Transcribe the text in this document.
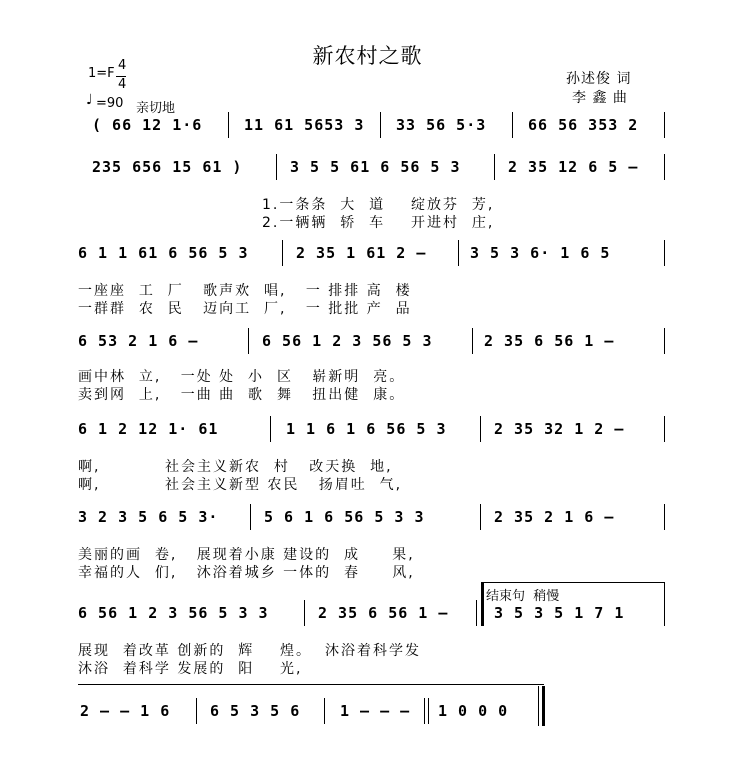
新农村之歌
1=F
4
4
♩ =90 亲切地
孙述俊 词
李 鑫 曲
( 66 12 1·6	11 61 5653 3 33 56 5·3	66 56 353 2
235 656 15 61 )	3 5 5 61 6 56 5 3	2 35 12 6 5 –
1.一条条  大  道    绽放芬  芳,
2.一辆辆  轿  车    开进村  庄,
6 1 1 61 6 56 5 3	2 35 1 61 2 –	3 5 3 6· 1 6 5
一座座  工  厂   歌声欢  唱,   一 排排 高  楼
一群群  农  民   迈向工  厂,   一 批批 产  品
6 53 2 1 6 –	6 56 1 2 3 56 5 3	2 35 6 56 1 –
画中林  立,   一处 处  小  区   崭新明  亮。
卖到网  上,   一曲 曲  歌  舞   扭出健  康。
6 1 2 12 1· 61	1 1 6 1 6 56 5 3	2 35 32 1 2 –
啊,          社会主义新农  村   改天换  地,
啊,          社会主义新型 农民   扬眉吐  气,
3 2 3 5 6 5 3·	5 6 1 6 56 5 3 3	2 35 2 1 6 –
美丽的画  卷,   展现着小康 建设的  成     果,
幸福的人  们,   沐浴着城乡 一体的  春     风,
结束句  稍慢
6 56 1 2 3 56 5 3 3	2 35 6 56 1 –	3 5 3 5 1 7 1
展现  着改革 创新的  辉    煌。  沐浴着科学发
沐浴  着科学 发展的  阳    光,
2 – – 1 6	6 5 3 5 6	1 – – – 1 0 0 0
